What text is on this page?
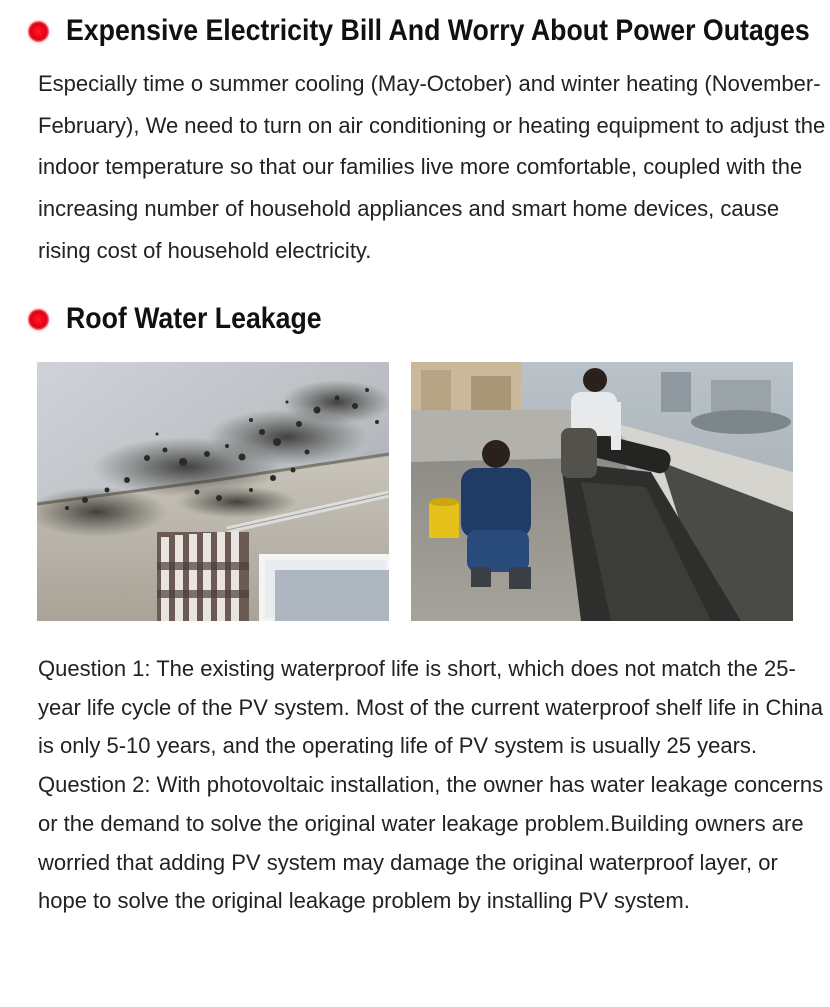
Expensive Electricity Bill And Worry About Power Outages

Especially time o summer cooling (May-October) and winter heating (November-February), We need to turn on air conditioning or heating equipment to adjust the indoor temperature so that our families live more comfortable, coupled with the increasing number of household appliances and smart home devices, cause rising cost of household electricity.

Roof Water Leakage

Question 1: The existing waterproof life is short, which does not match the 25-year life cycle of the PV system. Most of the current waterproof shelf life in China is only 5-10 years, and the operating life of PV system is usually 25 years.

Question 2: With photovoltaic installation, the owner has water leakage concerns or the demand to solve the original water leakage problem.Building owners are worried that adding PV system may damage the original waterproof layer, or hope to solve the original leakage problem by installing PV system.
